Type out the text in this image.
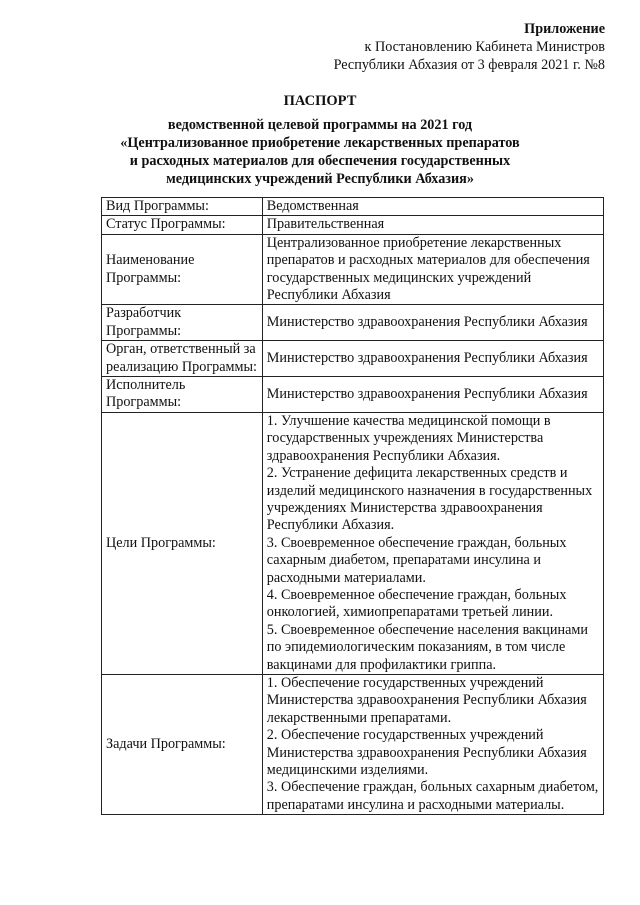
Приложение
к Постановлению Кабинета Министров
Республики Абхазия от 3 февраля 2021 г. №8
ПАСПОРТ
ведомственной целевой программы на 2021 год
«Централизованное приобретение лекарственных препаратов
и расходных материалов для обеспечения государственных
медицинских учреждений Республики Абхазия»
Вид Программы:	Ведомственная
Статус Программы:	Правительственная
Наименование Программы:	Централизованное приобретение лекарственных препаратов и расходных материалов для обеспечения государственных медицинских учреждений Республики Абхазия
Разработчик Программы:	Министерство здравоохранения Республики Абхазия
Орган, ответственный за реализацию Программы:	Министерство здравоохранения Республики Абхазия
Исполнитель Программы:	Министерство здравоохранения Республики Абхазия
Цели Программы:	1. Улучшение качества медицинской помощи в государственных учреждениях Министерства здравоохранения Республики Абхазия.
2. Устранение дефицита лекарственных средств и изделий медицинского назначения в государственных учреждениях Министерства здравоохранения Республики Абхазия.
3. Своевременное обеспечение граждан, больных сахарным диабетом, препаратами инсулина и расходными материалами.
4. Своевременное обеспечение граждан, больных онкологией, химиопрепаратами третьей линии.
5. Своевременное обеспечение населения вакцинами по эпидемиологическим показаниям, в том числе вакцинами для профилактики гриппа.

Задачи Программы:	1. Обеспечение государственных учреждений Министерства здравоохранения Республики Абхазия лекарственными препаратами.
2. Обеспечение государственных учреждений Министерства здравоохранения Республики Абхазия медицинскими изделиями.
3. Обеспечение граждан, больных сахарным диабетом, препаратами инсулина и расходными материалы.
